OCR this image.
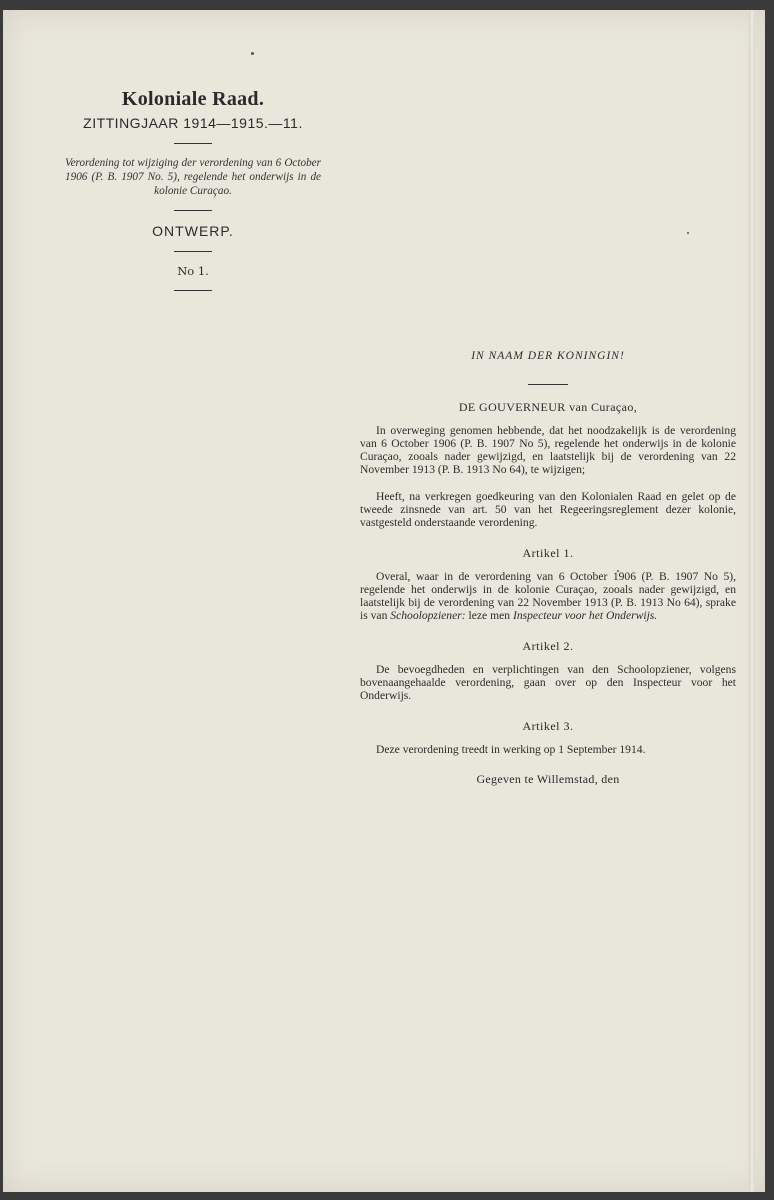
Koloniale Raad.
ZITTINGJAAR 1914—1915.—11.
Verordening tot wijziging der verordening van 6 October 1906 (P. B. 1907 No. 5), regelende het onderwijs in de kolonie Curaçao.
ONTWERP.
No 1.
IN NAAM DER KONINGIN!
DE GOUVERNEUR van Curaçao,

In overweging genomen hebbende, dat het noodzakelijk is de verordening van 6 October 1906 (P. B. 1907 No 5), regelende het onderwijs in de kolonie Curaçao, zooals nader gewijzigd, en laatstelijk bij de verordening van 22 November 1913 (P. B. 1913 No 64), te wijzigen;

Heeft, na verkregen goedkeuring van den Kolonialen Raad en gelet op de tweede zinsnede van art. 50 van het Regeeringsreglement dezer kolonie, vastgesteld onderstaande verordening.

Artikel 1.

Overal, waar in de verordening van 6 October 1906 (P. B. 1907 No 5), regelende het onderwijs in de kolonie Curaçao, zooals nader gewijzigd, en laatstelijk bij de verordening van 22 November 1913 (P. B. 1913 No 64), sprake is van Schoolopziener: leze men Inspecteur voor het Onderwijs.

Artikel 2.

De bevoegdheden en verplichtingen van den Schoolopziener, volgens bovenaangehaalde verordening, gaan over op den Inspecteur voor het Onderwijs.

Artikel 3.

Deze verordening treedt in werking op 1 September 1914.

Gegeven te Willemstad, den
